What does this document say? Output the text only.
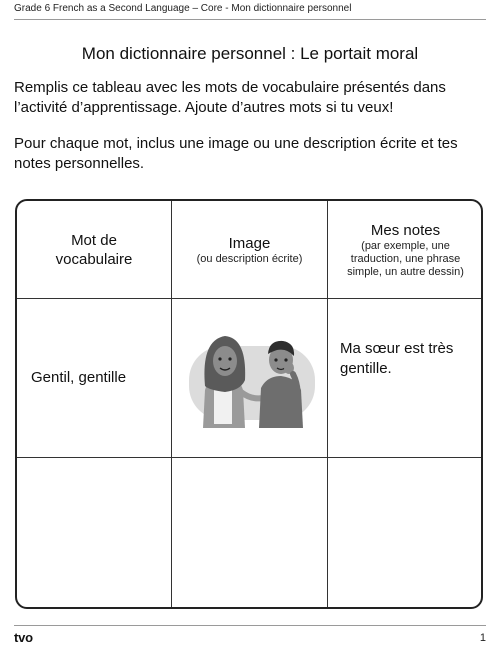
Grade 6 French as a Second Language – Core - Mon dictionnaire personnel
Mon dictionnaire personnel : Le portait moral
Remplis ce tableau avec les mots de vocabulaire présentés dans l’activité d’apprentissage. Ajoute d’autres mots si tu veux!
Pour chaque mot, inclus une image ou une description écrite et tes notes personnelles.
Mot de vocabulaire
Image
(ou description écrite)
Mes notes
(par exemple, une traduction, une phrase simple, un autre dessin)
Gentil, gentille
Ma sœur est très gentille.
tvo	1
